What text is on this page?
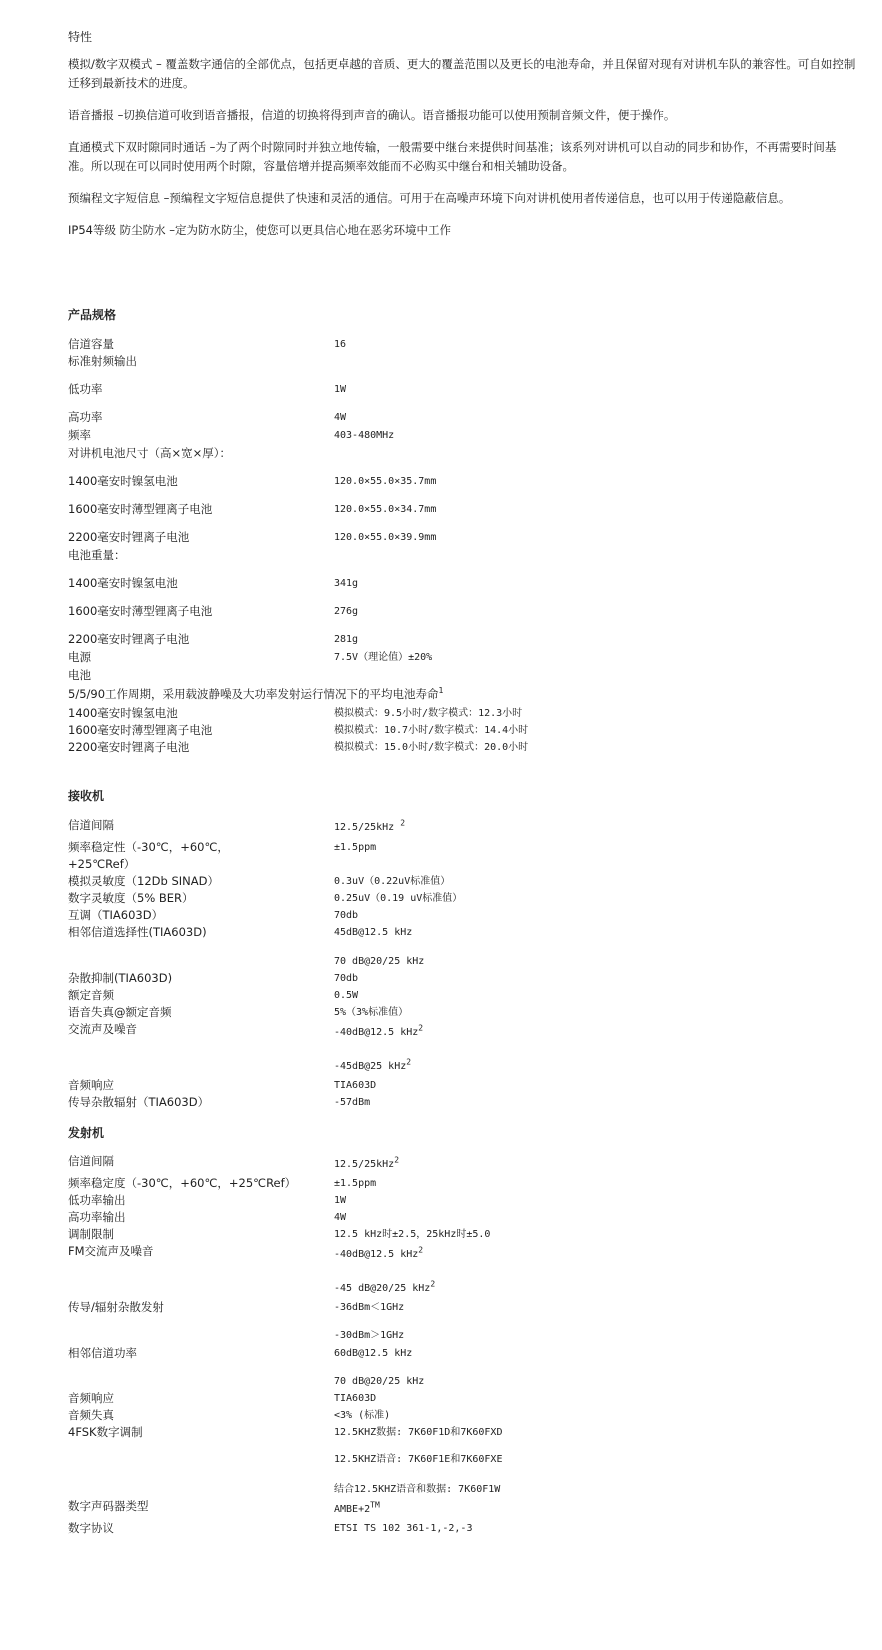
特性
模拟/数字双模式 – 覆盖数字通信的全部优点，包括更卓越的音质、更大的覆盖范围以及更长的电池寿命，并且保留对现有对讲机车队的兼容性。可自如控制迁移到最新技术的进度。
语音播报 –切换信道可收到语音播报，信道的切换将得到声音的确认。语音播报功能可以使用预制音频文件，便于操作。
直通模式下双时隙同时通话 –为了两个时隙同时并独立地传输，一般需要中继台来提供时间基准；该系列对讲机可以自动的同步和协作，不再需要时间基准。所以现在可以同时使用两个时隙，容量倍增并提高频率效能而不必购买中继台和相关辅助设备。
预编程文字短信息 –预编程文字短信息提供了快速和灵活的通信。可用于在高噪声环境下向对讲机使用者传递信息，也可以用于传递隐蔽信息。
IP54等级 防尘防水 –定为防水防尘，使您可以更具信心地在恶劣环境中工作
产品规格
信道容量	16
标准射频输出
低功率	1W
高功率	4W
频率	403-480MHz
对讲机电池尺寸（高×宽×厚）：
1400毫安时镍氢电池	120.0×55.0×35.7mm
1600毫安时薄型锂离子电池	120.0×55.0×34.7mm
2200毫安时锂离子电池	120.0×55.0×39.9mm
电池重量：
1400毫安时镍氢电池	341g
1600毫安时薄型锂离子电池	276g
2200毫安时锂离子电池	281g
电源	7.5V（理论值）±20%
电池
5/5/90工作周期，采用载波静噪及大功率发射运行情况下的平均电池寿命$^1$
1400毫安时镍氢电池	模拟模式：9.5小时/数字模式：12.3小时
1600毫安时薄型锂离子电池	模拟模式：10.7小时/数字模式：14.4小时
2200毫安时锂离子电池	模拟模式：15.0小时/数字模式：20.0小时
接收机
信道间隔	12.5/25kHz $^2$
频率稳定性（-30℃，+60℃，	±1.5ppm
+25℃Ref）
模拟灵敏度（12Db SINAD）	0.3uV（0.22uV标准值）
数字灵敏度（5% BER）	0.25uV（0.19 uV标准值）
互调（TIA603D）	70db
相邻信道选择性(TIA603D)	45dB@12.5 kHz
70 dB@20/25 kHz
杂散抑制(TIA603D)	70db
额定音频	0.5W
语音失真@额定音频	5%（3%标准值）
交流声及噪音	-40dB@12.5 kHz$^2$
-45dB@25 kHz$^2$
音频响应	TIA603D
传导杂散辐射（TIA603D）	-57dBm
发射机
信道间隔	12.5/25kHz$^2$
频率稳定度（-30℃，+60℃，+25℃Ref）	±1.5ppm
低功率输出	1W
高功率输出	4W
调制限制	12.5 kHz时±2.5，25kHz时±5.0
FM交流声及噪音	-40dB@12.5 kHz$^2$
-45 dB@20/25 kHz$^2$
传导/辐射杂散发射	-36dBm＜1GHz
-30dBm＞1GHz
相邻信道功率	60dB@12.5 kHz
70 dB@20/25 kHz
音频响应	TIA603D
音频失真	<3% (标准)
4FSK数字调制	12.5KHZ数据: 7K60F1D和7K60FXD
12.5KHZ语音: 7K60F1E和7K60FXE
结合12.5KHZ语音和数据: 7K60F1W
数字声码器类型	AMBE+2™
数字协议	ETSI TS 102 361-1,-2,-3
